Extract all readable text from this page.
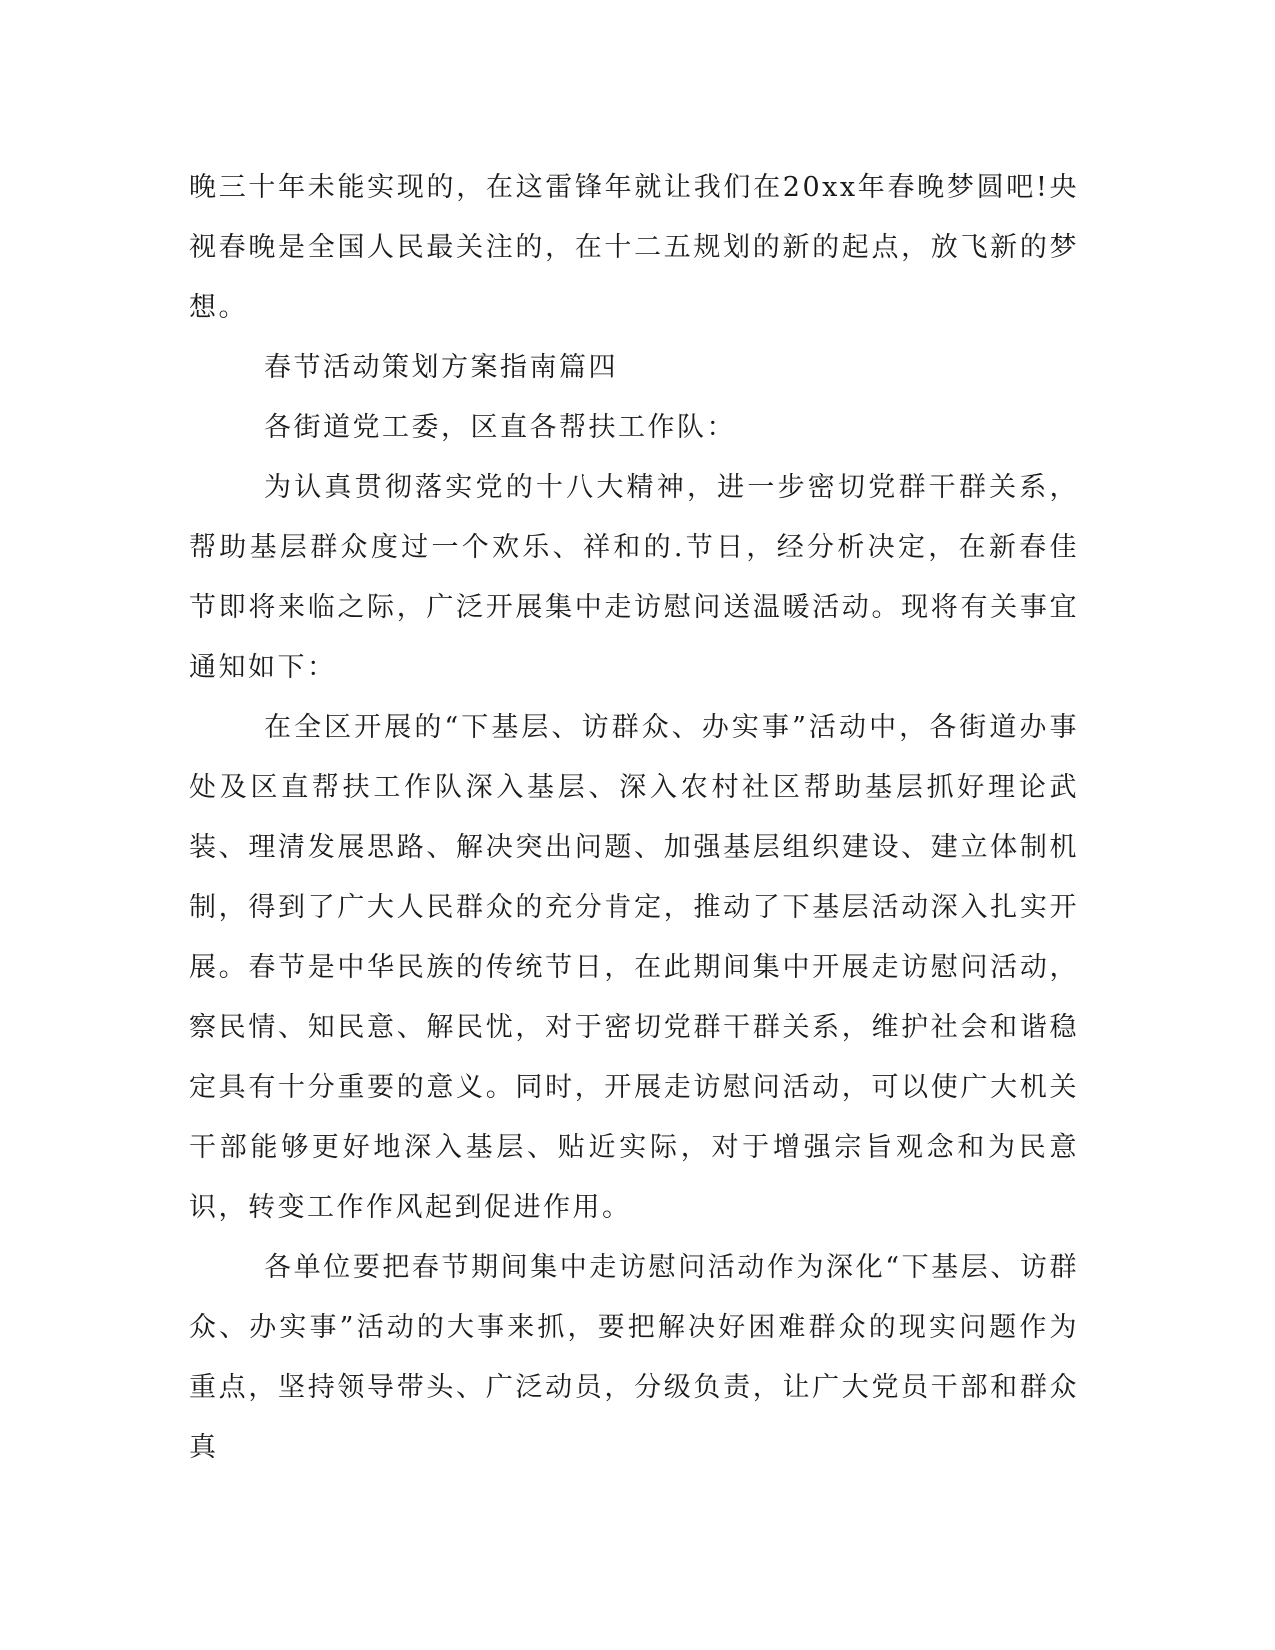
晚三十年未能实现的，在这雷锋年就让我们在20xx年春晚梦圆吧!央视春晚是全国人民最关注的，在十二五规划的新的起点，放飞新的梦想。

春节活动策划方案指南篇四

各街道党工委，区直各帮扶工作队：

为认真贯彻落实党的十八大精神，进一步密切党群干群关系，帮助基层群众度过一个欢乐、祥和的.节日，经分析决定，在新春佳节即将来临之际，广泛开展集中走访慰问送温暖活动。现将有关事宜通知如下：

在全区开展的“下基层、访群众、办实事”活动中，各街道办事处及区直帮扶工作队深入基层、深入农村社区帮助基层抓好理论武装、理清发展思路、解决突出问题、加强基层组织建设、建立体制机制，得到了广大人民群众的充分肯定，推动了下基层活动深入扎实开展。春节是中华民族的传统节日，在此期间集中开展走访慰问活动，察民情、知民意、解民忧，对于密切党群干群关系，维护社会和谐稳定具有十分重要的意义。同时，开展走访慰问活动，可以使广大机关干部能够更好地深入基层、贴近实际，对于增强宗旨观念和为民意识，转变工作作风起到促进作用。

各单位要把春节期间集中走访慰问活动作为深化“下基层、访群众、办实事”活动的大事来抓，要把解决好困难群众的现实问题作为重点，坚持领导带头、广泛动员，分级负责，让广大党员干部和群众真
